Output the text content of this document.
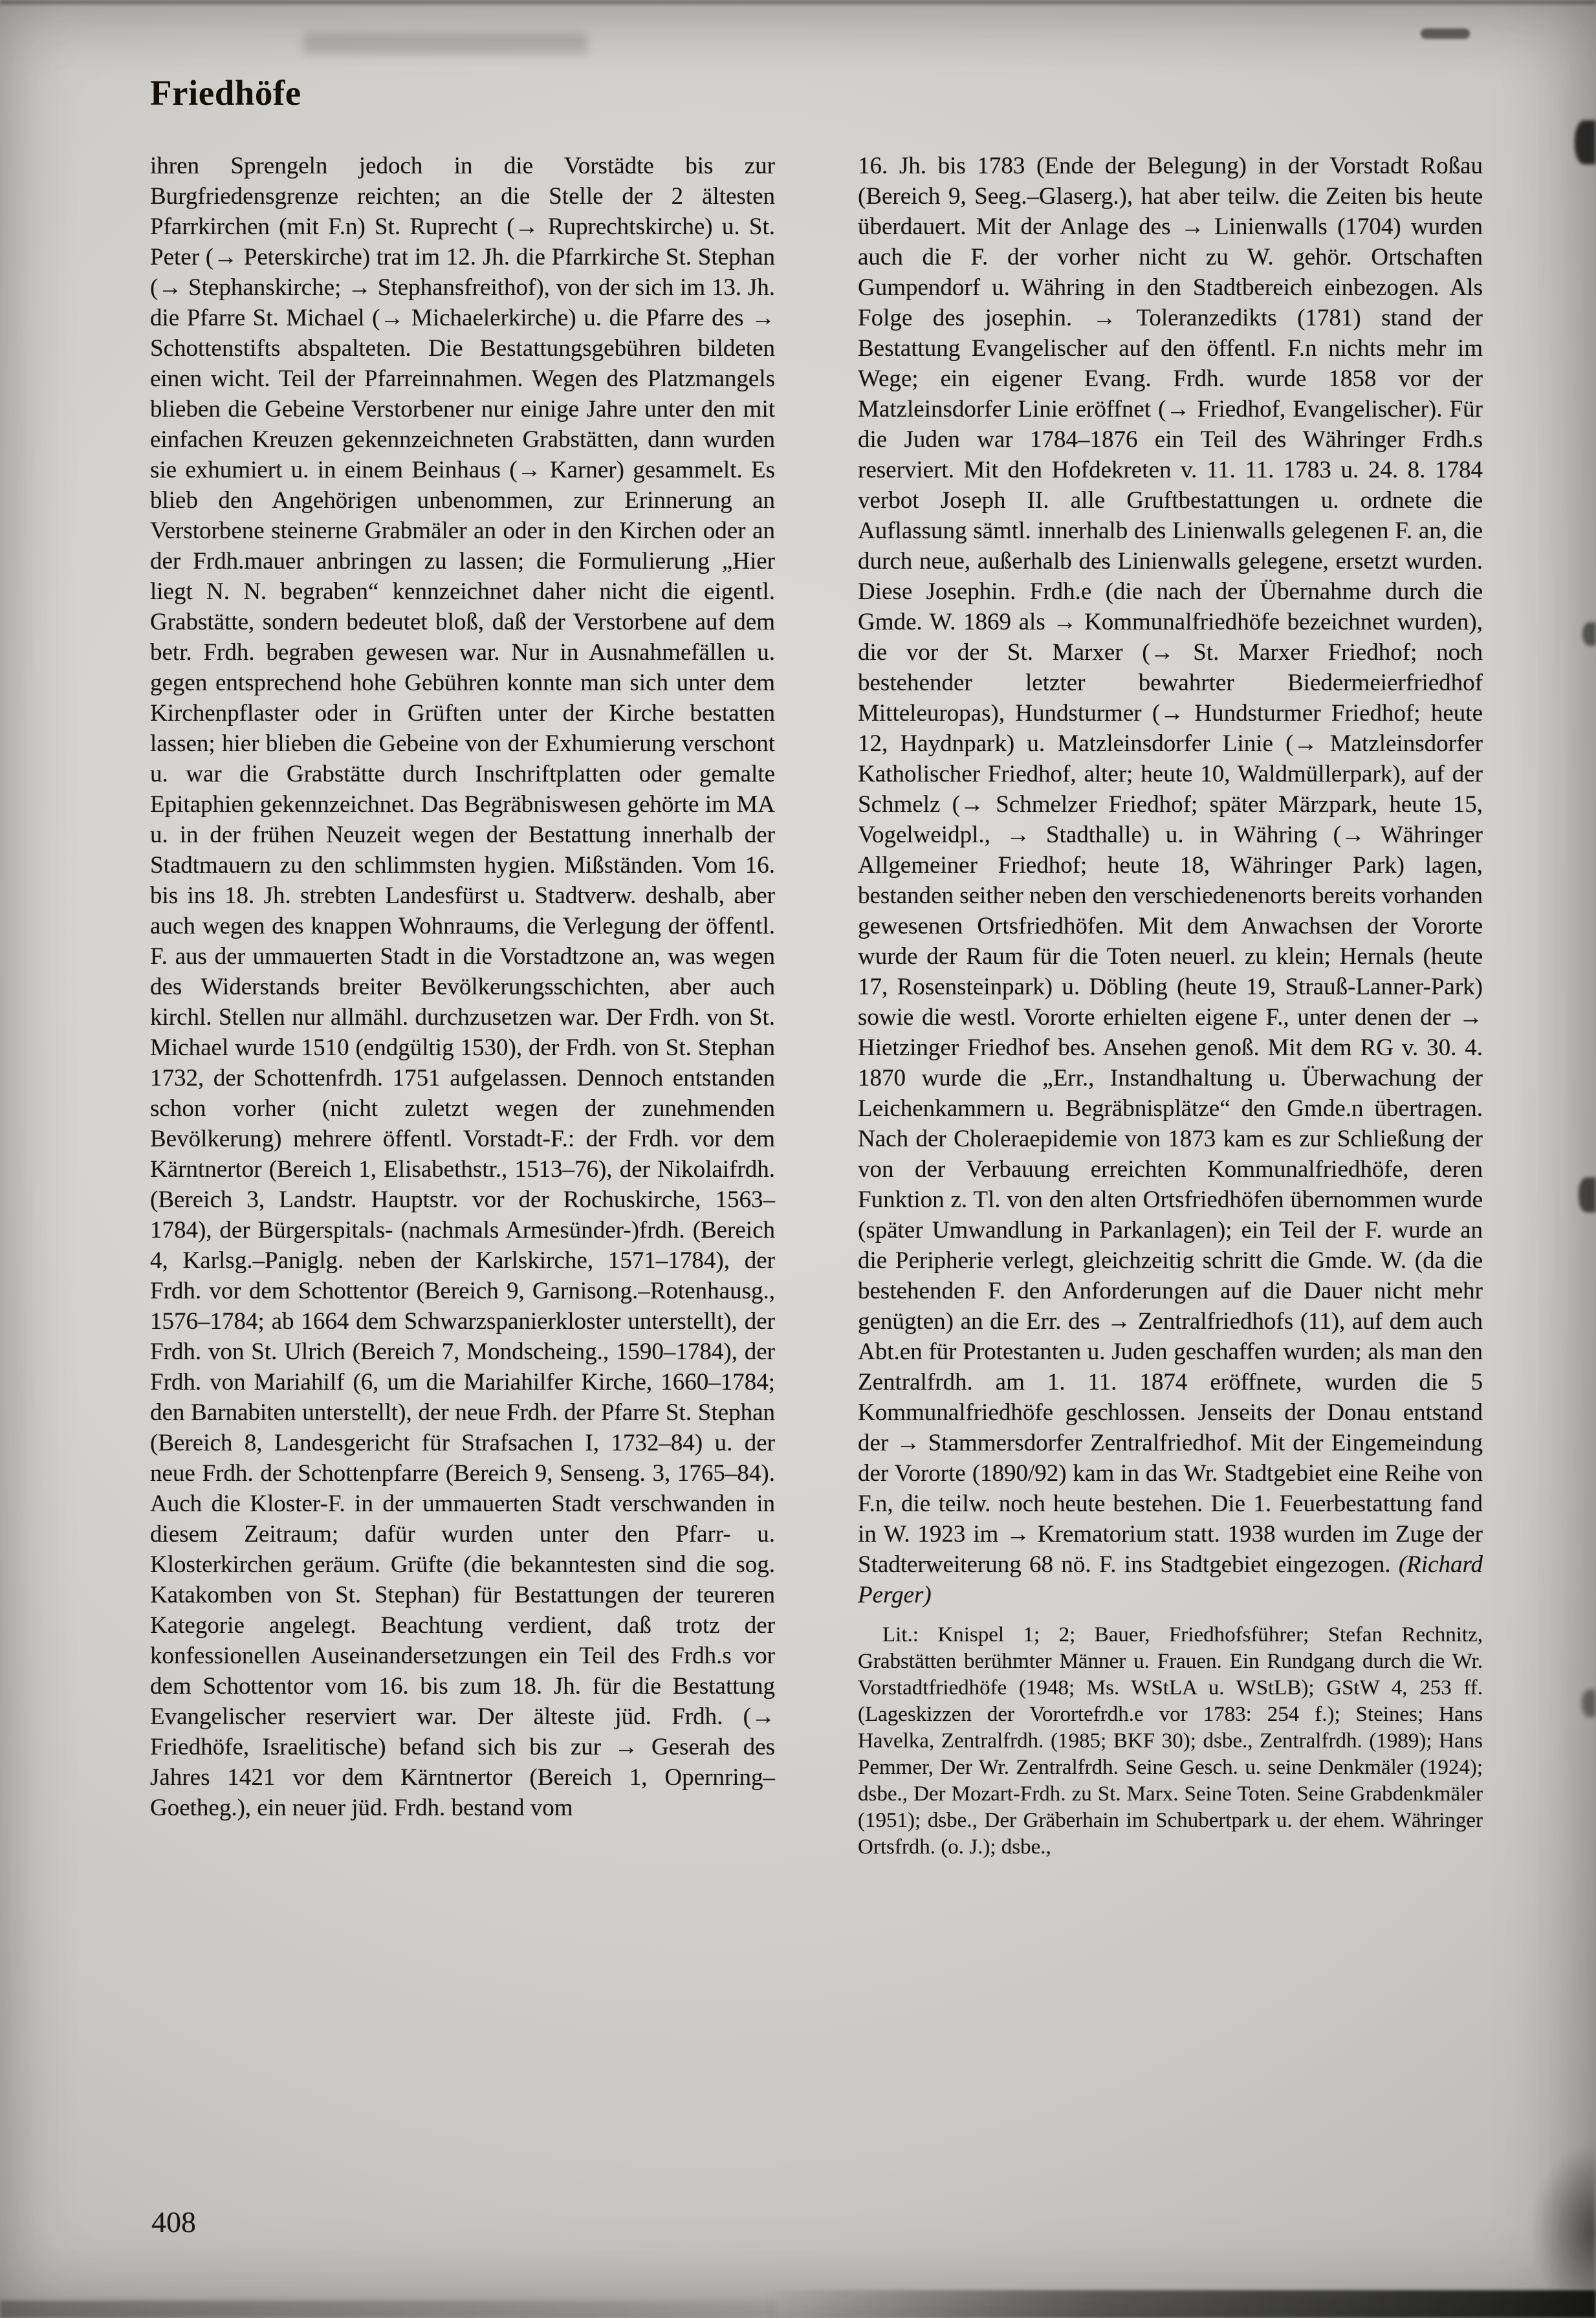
Friedhöfe

ihren Sprengeln jedoch in die Vorstädte bis zur Burgfriedensgrenze reichten; an die Stelle der 2 ältesten Pfarrkirchen (mit F.n) St. Ruprecht (→ Ruprechtskirche) u. St. Peter (→ Peterskirche) trat im 12. Jh. die Pfarrkirche St. Stephan (→ Stephanskirche; → Stephansfreithof), von der sich im 13. Jh. die Pfarre St. Michael (→ Michaelerkirche) u. die Pfarre des → Schottenstifts abspalteten. Die Bestattungsgebühren bildeten einen wicht. Teil der Pfarreinnahmen. Wegen des Platzmangels blieben die Gebeine Verstorbener nur einige Jahre unter den mit einfachen Kreuzen gekennzeichneten Grabstätten, dann wurden sie exhumiert u. in einem Beinhaus (→ Karner) gesammelt. Es blieb den Angehörigen unbenommen, zur Erinnerung an Verstorbene steinerne Grabmäler an oder in den Kirchen oder an der Frdh.mauer anbringen zu lassen; die Formulierung „Hier liegt N. N. begraben“ kennzeichnet daher nicht die eigentl. Grabstätte, sondern bedeutet bloß, daß der Verstorbene auf dem betr. Frdh. begraben gewesen war. Nur in Ausnahmefällen u. gegen entsprechend hohe Gebühren konnte man sich unter dem Kirchenpflaster oder in Grüften unter der Kirche bestatten lassen; hier blieben die Gebeine von der Exhumierung verschont u. war die Grabstätte durch Inschriftplatten oder gemalte Epitaphien gekennzeichnet. Das Begräbniswesen gehörte im MA u. in der frühen Neuzeit wegen der Bestattung innerhalb der Stadtmauern zu den schlimmsten hygien. Mißständen. Vom 16. bis ins 18. Jh. strebten Landesfürst u. Stadtverw. deshalb, aber auch wegen des knappen Wohnraums, die Verlegung der öffentl. F. aus der ummauerten Stadt in die Vorstadtzone an, was wegen des Widerstands breiter Bevölkerungsschichten, aber auch kirchl. Stellen nur allmähl. durchzusetzen war. Der Frdh. von St. Michael wurde 1510 (endgültig 1530), der Frdh. von St. Stephan 1732, der Schottenfrdh. 1751 aufgelassen. Dennoch entstanden schon vorher (nicht zuletzt wegen der zunehmenden Bevölkerung) mehrere öffentl. Vorstadt-F.: der Frdh. vor dem Kärntnertor (Bereich 1, Elisabethstr., 1513–76), der Nikolaifrdh. (Bereich 3, Landstr. Hauptstr. vor der Rochuskirche, 1563–1784), der Bürgerspitals- (nachmals Armesünder-)frdh. (Bereich 4, Karlsg.–Paniglg. neben der Karlskirche, 1571–1784), der Frdh. vor dem Schottentor (Bereich 9, Garnisong.–Rotenhausg., 1576–1784; ab 1664 dem Schwarzspanierkloster unterstellt), der Frdh. von St. Ulrich (Bereich 7, Mondscheing., 1590–1784), der Frdh. von Mariahilf (6, um die Mariahilfer Kirche, 1660–1784; den Barnabiten unterstellt), der neue Frdh. der Pfarre St. Stephan (Bereich 8, Landesgericht für Strafsachen I, 1732–84) u. der neue Frdh. der Schottenpfarre (Bereich 9, Senseng. 3, 1765–84). Auch die Kloster-F. in der ummauerten Stadt verschwanden in diesem Zeitraum; dafür wurden unter den Pfarr- u. Klosterkirchen geräum. Grüfte (die bekanntesten sind die sog. Katakomben von St. Stephan) für Bestattungen der teureren Kategorie angelegt. Beachtung verdient, daß trotz der konfessionellen Auseinandersetzungen ein Teil des Frdh.s vor dem Schottentor vom 16. bis zum 18. Jh. für die Bestattung Evangelischer reserviert war. Der älteste jüd. Frdh. (→ Friedhöfe, Israelitische) befand sich bis zur → Geserah des Jahres 1421 vor dem Kärntnertor (Bereich 1, Opernring–Goetheg.), ein neuer jüd. Frdh. bestand vom

16. Jh. bis 1783 (Ende der Belegung) in der Vorstadt Roßau (Bereich 9, Seeg.–Glaserg.), hat aber teilw. die Zeiten bis heute überdauert. Mit der Anlage des → Linienwalls (1704) wurden auch die F. der vorher nicht zu W. gehör. Ortschaften Gumpendorf u. Währing in den Stadtbereich einbezogen. Als Folge des josephin. → Toleranzedikts (1781) stand der Bestattung Evangelischer auf den öffentl. F.n nichts mehr im Wege; ein eigener Evang. Frdh. wurde 1858 vor der Matzleinsdorfer Linie eröffnet (→ Friedhof, Evangelischer). Für die Juden war 1784–1876 ein Teil des Währinger Frdh.s reserviert. Mit den Hofdekreten v. 11. 11. 1783 u. 24. 8. 1784 verbot Joseph II. alle Gruftbestattungen u. ordnete die Auflassung sämtl. innerhalb des Linienwalls gelegenen F. an, die durch neue, außerhalb des Linienwalls gelegene, ersetzt wurden. Diese Josephin. Frdh.e (die nach der Übernahme durch die Gmde. W. 1869 als → Kommunalfriedhöfe bezeichnet wurden), die vor der St. Marxer (→ St. Marxer Friedhof; noch bestehender letzter bewahrter Biedermeierfriedhof Mitteleuropas), Hundsturmer (→ Hundsturmer Friedhof; heute 12, Haydnpark) u. Matzleinsdorfer Linie (→ Matzleinsdorfer Katholischer Friedhof, alter; heute 10, Waldmüllerpark), auf der Schmelz (→ Schmelzer Friedhof; später Märzpark, heute 15, Vogelweidpl., → Stadthalle) u. in Währing (→ Währinger Allgemeiner Friedhof; heute 18, Währinger Park) lagen, bestanden seither neben den verschiedenenorts bereits vorhanden gewesenen Ortsfriedhöfen. Mit dem Anwachsen der Vororte wurde der Raum für die Toten neuerl. zu klein; Hernals (heute 17, Rosensteinpark) u. Döbling (heute 19, Strauß-Lanner-Park) sowie die westl. Vororte erhielten eigene F., unter denen der → Hietzinger Friedhof bes. Ansehen genoß. Mit dem RG v. 30. 4. 1870 wurde die „Err., Instandhaltung u. Überwachung der Leichenkammern u. Begräbnisplätze“ den Gmde.n übertragen. Nach der Choleraepidemie von 1873 kam es zur Schließung der von der Verbauung erreichten Kommunalfriedhöfe, deren Funktion z. Tl. von den alten Ortsfriedhöfen übernommen wurde (später Umwandlung in Parkanlagen); ein Teil der F. wurde an die Peripherie verlegt, gleichzeitig schritt die Gmde. W. (da die bestehenden F. den Anforderungen auf die Dauer nicht mehr genügten) an die Err. des → Zentralfriedhofs (11), auf dem auch Abt.en für Protestanten u. Juden geschaffen wurden; als man den Zentralfrdh. am 1. 11. 1874 eröffnete, wurden die 5 Kommunalfriedhöfe geschlossen. Jenseits der Donau entstand der → Stammersdorfer Zentralfriedhof. Mit der Eingemeindung der Vororte (1890/92) kam in das Wr. Stadtgebiet eine Reihe von F.n, die teilw. noch heute bestehen. Die 1. Feuerbestattung fand in W. 1923 im → Krematorium statt. 1938 wurden im Zuge der Stadterweiterung 68 nö. F. ins Stadtgebiet eingezogen. (Richard Perger)

Lit.: Knispel 1; 2; Bauer, Friedhofsführer; Stefan Rechnitz, Grabstätten berühmter Männer u. Frauen. Ein Rundgang durch die Wr. Vorstadtfriedhöfe (1948; Ms. WStLA u. WStLB); GStW 4, 253 ff. (Lageskizzen der Vorortefrdh.e vor 1783: 254 f.); Steines; Hans Havelka, Zentralfrdh. (1985; BKF 30); dsbe., Zentralfrdh. (1989); Hans Pemmer, Der Wr. Zentralfrdh. Seine Gesch. u. seine Denkmäler (1924); dsbe., Der Mozart-Frdh. zu St. Marx. Seine Toten. Seine Grabdenkmäler (1951); dsbe., Der Gräberhain im Schubertpark u. der ehem. Währinger Ortsfrdh. (o. J.); dsbe.,

408
